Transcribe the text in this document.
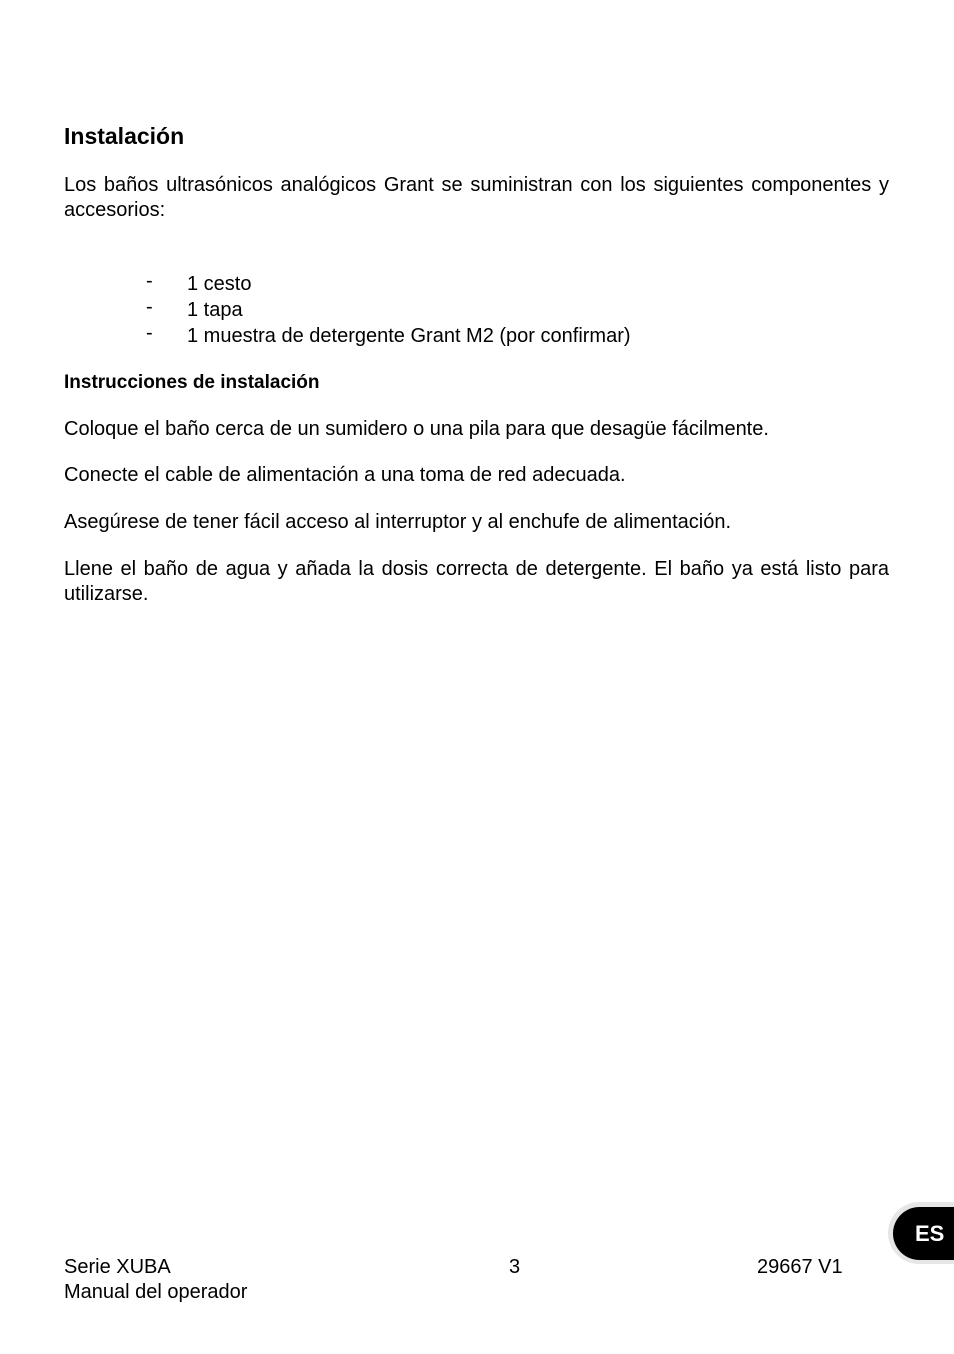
Instalación

Los baños ultrasónicos analógicos Grant se suministran con los siguientes componentes y accesorios:

- 1 cesto
- 1 tapa
- 1 muestra de detergente Grant M2 (por confirmar)
Instrucciones de instalación

Coloque el baño cerca de un sumidero o una pila para que desagüe fácilmente.

Conecte el cable de alimentación a una toma de red adecuada.

Asegúrese de tener fácil acceso al interruptor y al enchufe de alimentación.

Llene el baño de agua y añada la dosis correcta de detergente. El baño ya está listo para utilizarse.

Serie XUBA
Manual del operador
3	29667 V1
ES
